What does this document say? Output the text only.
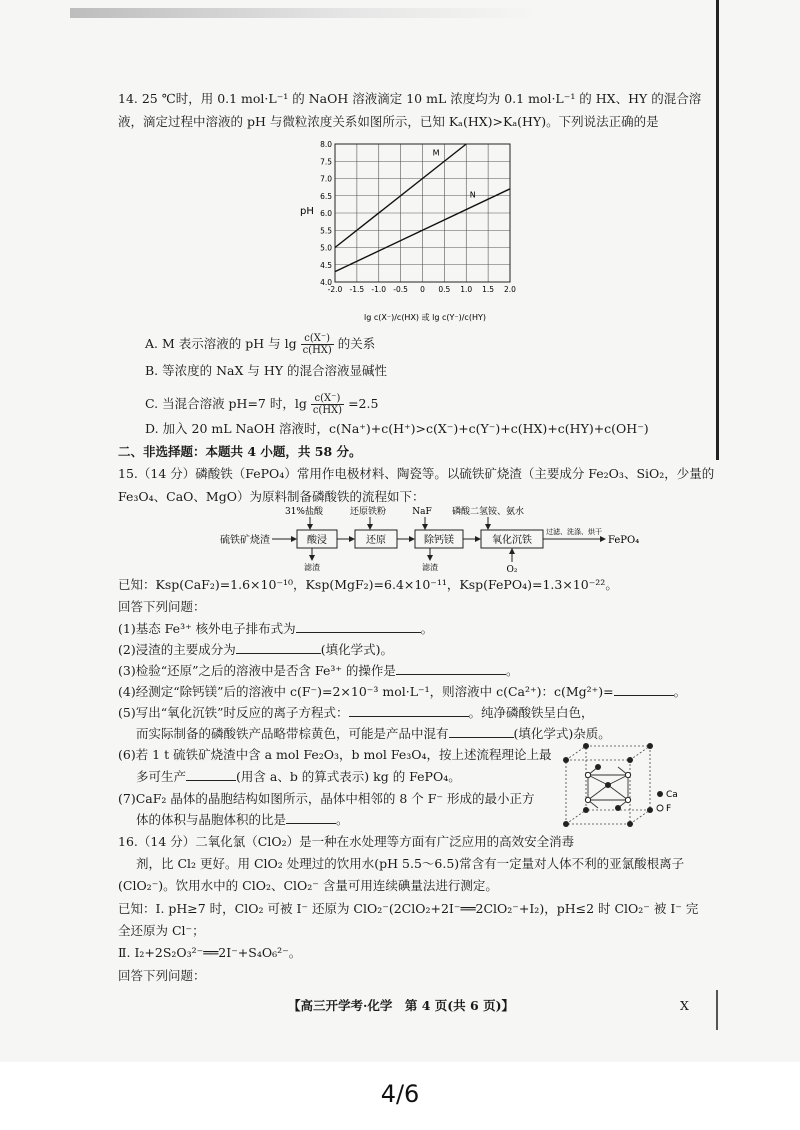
14. 25 ℃时，用 0.1 mol·L⁻¹ 的 NaOH 溶液滴定 10 mL 浓度均为 0.1 mol·L⁻¹ 的 HX、HY 的混合溶
液，滴定过程中溶液的 pH 与微粒浓度关系如图所示，已知 Kₐ(HX)>Kₐ(HY)。下列说法正确的是
-2.0 -1.5 -1.0 -0.5 0 0.5 1.0 1.5 2.0
4.0
4.5
5.0
5.5
6.0
6.5
7.0
7.5
8.0
M
N
pH
lg c(X⁻)/c(HX) 或 lg c(Y⁻)/c(HY)
A. M 表示溶液的 pH 与 $\lg \frac{c(X^-)}{c(HX)}$ 的关系
B. 等浓度的 NaX 与 HY 的混合溶液显碱性
C. 当混合溶液 pH=7 时，$\lg \frac{c(X^-)}{c(HX)} =2.5$
D. 加入 20 mL NaOH 溶液时，c(Na⁺)+c(H⁺)>c(X⁻)+c(Y⁻)+c(HX)+c(HY)+c(OH⁻)
二、非选择题：本题共 4 小题，共 58 分。
15.（14 分）磷酸铁（FePO₄）常用作电极材料、陶瓷等。以硫铁矿烧渣（主要成分 Fe₂O₃、SiO₂，少量的
Fe₃O₄、CaO、MgO）为原料制备磷酸铁的流程如下：
硫铁矿烧渣	酸浸	还原	除钙镁	氧化沉铁
过滤、洗涤、烘干
FePO₄
31%盐酸	还原铁粉	NaF 磷酸二氢铵、氨水
滤渣	滤渣	O₂
已知：Ksp(CaF₂)=1.6×10⁻¹⁰，Ksp(MgF₂)=6.4×10⁻¹¹，Ksp(FePO₄)=1.3×10⁻²²。
回答下列问题：
(1)基态 Fe³⁺ 核外电子排布式为	。
(2)浸渣的主要成分为	(填化学式)。
(3)检验“还原”之后的溶液中是否含 Fe³⁺ 的操作是	。
(4)经测定“除钙镁”后的溶液中 c(F⁻)=2×10⁻³ mol·L⁻¹，则溶液中 c(Ca²⁺)：c(Mg²⁺)=	。
(5)写出“氧化沉铁”时反应的离子方程式：	。纯净磷酸铁呈白色，
而实际制备的磷酸铁产品略带棕黄色，可能是产品中混有	(填化学式)杂质。
(6)若 1 t 硫铁矿烧渣中含 a mol Fe₂O₃，b mol Fe₃O₄，按上述流程理论上最
多可生产	(用含 a、b 的算式表示) kg 的 FePO₄。
(7)CaF₂ 晶体的晶胞结构如图所示，晶体中相邻的 8 个 F⁻ 形成的最小正方
体的体积与晶胞体积的比是	。
Ca
F
16.（14 分）二氧化氯（ClO₂）是一种在水处理等方面有广泛应用的高效安全消毒
剂，比 Cl₂ 更好。用 ClO₂ 处理过的饮用水(pH 5.5～6.5)常含有一定量对人体不利的亚氯酸根离子
(ClO₂⁻)。饮用水中的 ClO₂、ClO₂⁻ 含量可用连续碘量法进行测定。
已知：Ⅰ. pH≥7 时，ClO₂ 可被 I⁻ 还原为 ClO₂⁻(2ClO₂+2I⁻══2ClO₂⁻+I₂)，pH≤2 时 ClO₂⁻ 被 I⁻ 完
全还原为 Cl⁻；
Ⅱ. I₂+2S₂O₃²⁻══2I⁻+S₄O₆²⁻。
回答下列问题：
【高三开学考·化学　第 4 页(共 6 页)】	X
4/6
